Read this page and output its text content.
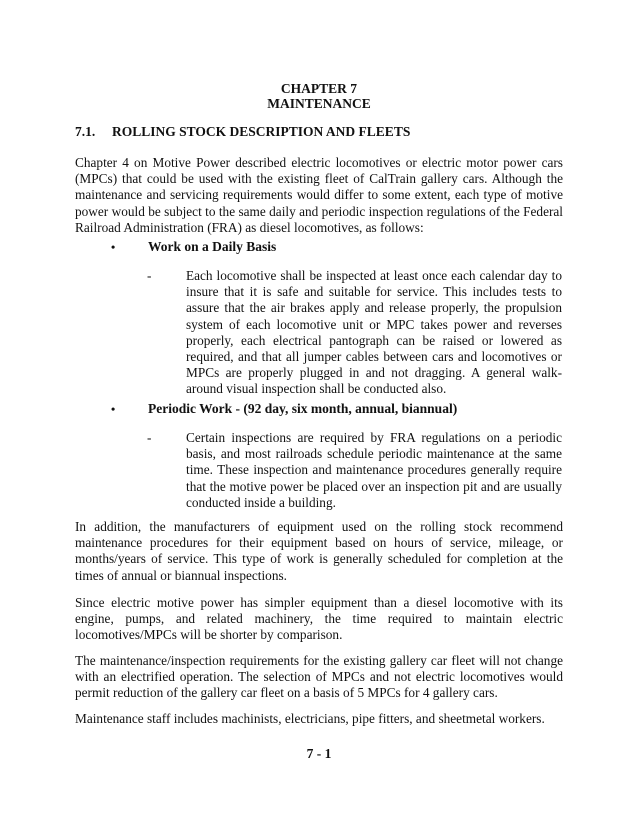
CHAPTER 7
MAINTENANCE
7.1. ROLLING STOCK DESCRIPTION AND FLEETS

Chapter 4 on Motive Power described electric locomotives or electric motor power cars (MPCs) that could be used with the existing fleet of CalTrain gallery cars. Although the maintenance and servicing requirements would differ to some extent, each type of motive power would be subject to the same daily and periodic inspection regulations of the Federal Railroad Administration (FRA) as diesel locomotives, as follows:

•	Work on a Daily Basis
-	Each locomotive shall be inspected at least once each calendar day to insure that it is safe and suitable for service. This includes tests to assure that the air brakes apply and release properly, the propulsion system of each locomotive unit or MPC takes power and reverses properly, each electrical pantograph can be raised or lowered as required, and that all jumper cables between cars and locomotives or MPCs are properly plugged in and not dragging. A general walk-around visual inspection shall be conducted also.
•	Periodic Work - (92 day, six month, annual, biannual)
-	Certain inspections are required by FRA regulations on a periodic basis, and most railroads schedule periodic maintenance at the same time. These inspection and maintenance procedures generally require that the motive power be placed over an inspection pit and are usually conducted inside a building.

In addition, the manufacturers of equipment used on the rolling stock recommend maintenance procedures for their equipment based on hours of service, mileage, or months/years of service. This type of work is generally scheduled for completion at the times of annual or biannual inspections.

Since electric motive power has simpler equipment than a diesel locomotive with its engine, pumps, and related machinery, the time required to maintain electric locomotives/MPCs will be shorter by comparison.

The maintenance/inspection requirements for the existing gallery car fleet will not change with an electrified operation. The selection of MPCs and not electric locomotives would permit reduction of the gallery car fleet on a basis of 5 MPCs for 4 gallery cars.

Maintenance staff includes machinists, electricians, pipe fitters, and sheetmetal workers.

7 - 1
